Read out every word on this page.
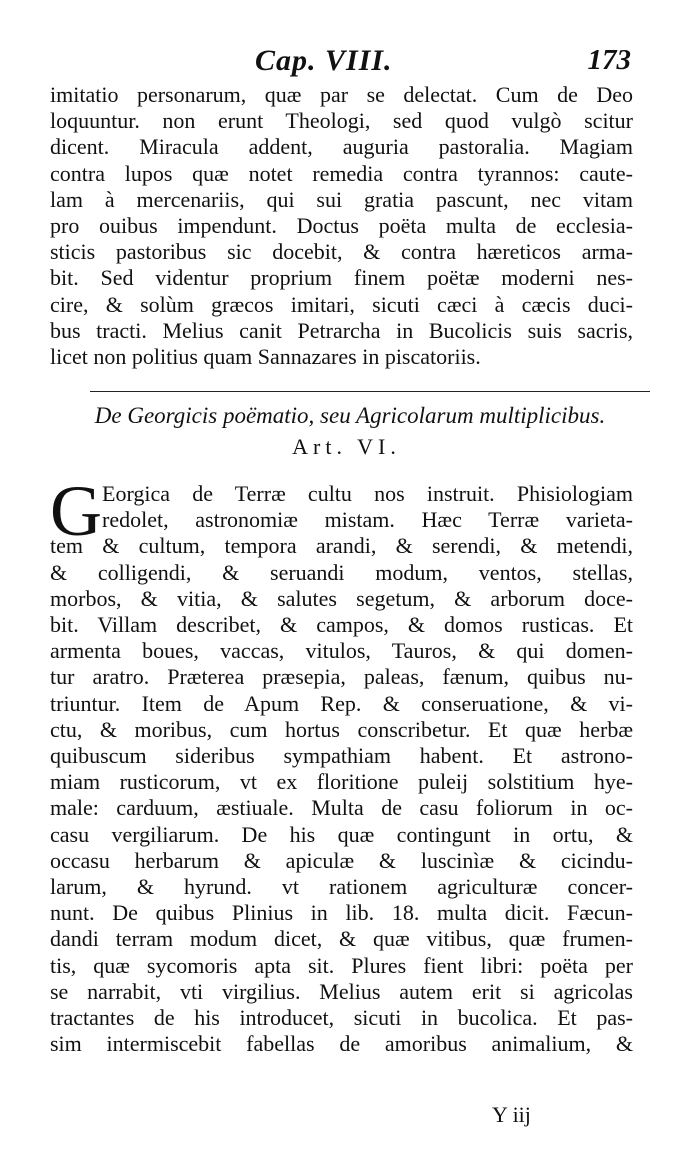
Cap. VIII.	173
imitatio personarum, quæ par se delectat. Cum de Deo
loquuntur. non erunt Theologi, sed quod vulgò scitur
dicent. Miracula addent, auguria pastoralia. Magiam
contra lupos quæ notet remedia contra tyrannos: caute-
lam à mercenariis, qui sui gratia pascunt, nec vitam
pro ouibus impendunt. Doctus poëta multa de ecclesia-
sticis pastoribus sic docebit, & contra hæreticos arma-
bit. Sed videntur proprium finem poëtæ moderni nes-
cire, & solùm græcos imitari, sicuti cæci à cæcis duci-
bus tracti. Melius canit Petrarcha in Bucolicis suis sacris,
licet non politius quam Sannazares in piscatoriis.
De Georgicis poëmatio, seu Agricolarum multiplicibus.
Art. VI.
G Eorgica de Terræ cultu nos instruit. Phisiologiam
redolet, astronomiæ mistam. Hæc Terræ varieta-
tem & cultum, tempora arandi, & serendi, & metendi,
& colligendi, & seruandi modum, ventos, stellas,
morbos, & vitia, & salutes segetum, & arborum doce-
bit. Villam describet, & campos, & domos rusticas. Et
armenta boues, vaccas, vitulos, Tauros, & qui domen-
tur aratro. Præterea præsepia, paleas, fænum, quibus nu-
triuntur. Item de Apum Rep. & conseruatione, & vi-
ctu, & moribus, cum hortus conscribetur. Et quæ herbæ
quibuscum sideribus sympathiam habent. Et astrono-
miam rusticorum, vt ex floritione puleij solstitium hye-
male: carduum, æstiuale. Multa de casu foliorum in oc-
casu vergiliarum. De his quæ contingunt in ortu, &
occasu herbarum & apiculæ & luscinìæ & cicindu-
larum, & hyrund. vt rationem agriculturæ concer-
nunt. De quibus Plinius in lib. 18. multa dicit. Fæcun-
dandi terram modum dicet, & quæ vitibus, quæ frumen-
tis, quæ sycomoris apta sit. Plures fient libri: poëta per
se narrabit, vti virgilius. Melius autem erit si agricolas
tractantes de his introducet, sicuti in bucolica. Et pas-
sim intermiscebit fabellas de amoribus animalium, &
Y iij
